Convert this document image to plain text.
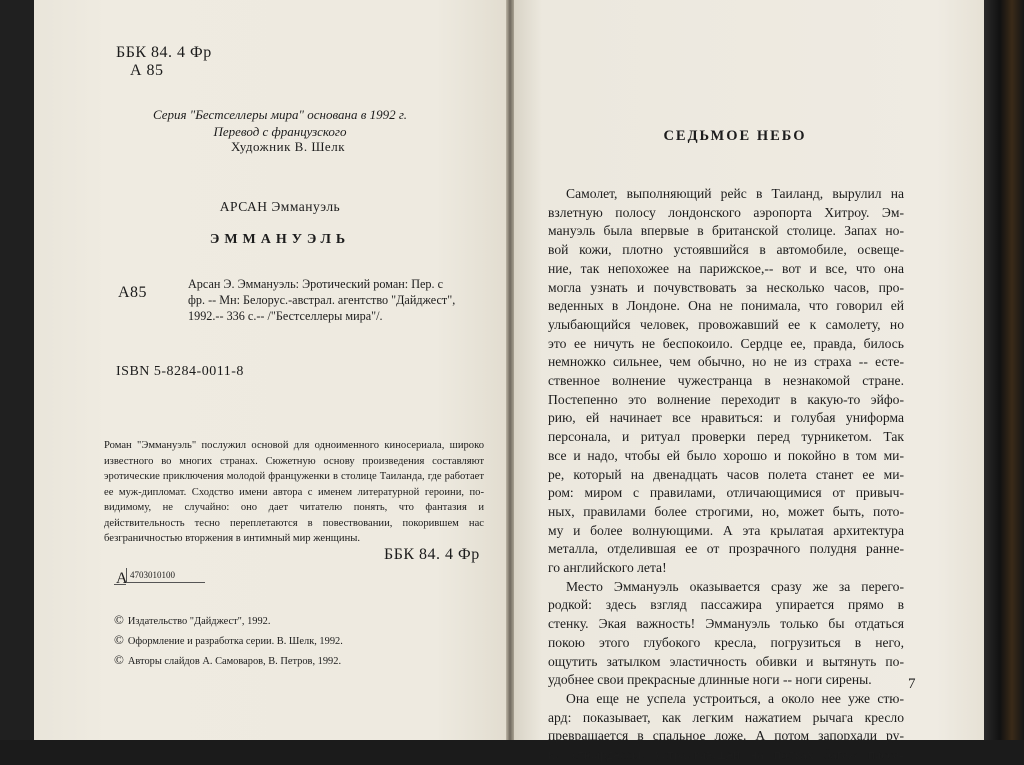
ББК 84. 4 Фр
А 85
Серия "Бестселлеры мира" основана в 1992 г.
Перевод с французского
Художник В. Шелк
АРСАН Эммануэль
ЭММАНУЭЛЬ
А85	Арсан Э. Эммануэль: Эротический роман: Пер. с
фр. -- Мн: Белорус.-австрал. агентство "Дайджест",
1992.-- 336 с.-- /"Бестселлеры мира"/.
ISBN 5-8284-0011-8
Роман "Эммануэль" послужил основой для одноименного киносериала, широко известного во многих странах. Сюжетную основу произведения составляют эротические приключения молодой француженки в столице Таиланда, где работает ее муж-дипломат. Сходство имени автора с именем литературной героини, по-видимому, не случайно: оно дает читателю понять, что фантазия и действительность тесно переплетаются в повествовании, покорившем нас безграничностью вторжения в интимный мир женщины.
ББК 84. 4 Фр
А 4703010100
© Издательство "Дайджест", 1992.
© Оформление и разработка серии. В. Шелк, 1992.
© Авторы слайдов А. Самоваров, В. Петров, 1992.
СЕДЬМОЕ НЕБО

Самолет, выполняющий рейс в Таиланд, вырулил на
взлетную полосу лондонского аэропорта Хитроу. Эм-
мануэль была впервые в британской столице. Запах но-
вой кожи, плотно устоявшийся в автомобиле, освеще-
ние, так непохожее на парижское,-- вот и все, что она
могла узнать и почувствовать за несколько часов, про-
веденных в Лондоне. Она не понимала, что говорил ей
улыбающийся человек, провожавший ее к самолету, но
это ее ничуть не беспокоило. Сердце ее, правда, билось
немножко сильнее, чем обычно, но не из страха -- есте-
ственное волнение чужестранца в незнакомой стране.
Постепенно это волнение переходит в какую-то эйфо-
рию, ей начинает все нравиться: и голубая униформа
персонала, и ритуал проверки перед турникетом. Так
все и надо, чтобы ей было хорошо и покойно в том ми-
ре, который на двенадцать часов полета станет ее ми-
ром: миром с правилами, отличающимися от привыч-
ных, правилами более строгими, но, может быть, пото-
му и более волнующими. А эта крылатая архитектура
металла, отделившая ее от прозрачного полудня ранне-
го английского лета!

Место Эммануэль оказывается сразу же за перего-
родкой: здесь взгляд пассажира упирается прямо в
стенку. Экая важность! Эммануэль только бы отдаться
покою этого глубокого кресла, погрузиться в него,
ощутить затылком эластичность обивки и вытянуть по-
удобнее свои прекрасные длинные ноги -- ноги сирены.

Она еще не успела устроиться, а около нее уже стю-
ард: показывает, как легким нажатием рычага кресло
превращается в спальное ложе. А потом запорхали ру-
ки стюардессы, устраивающей на полках багаж пасса-

7
